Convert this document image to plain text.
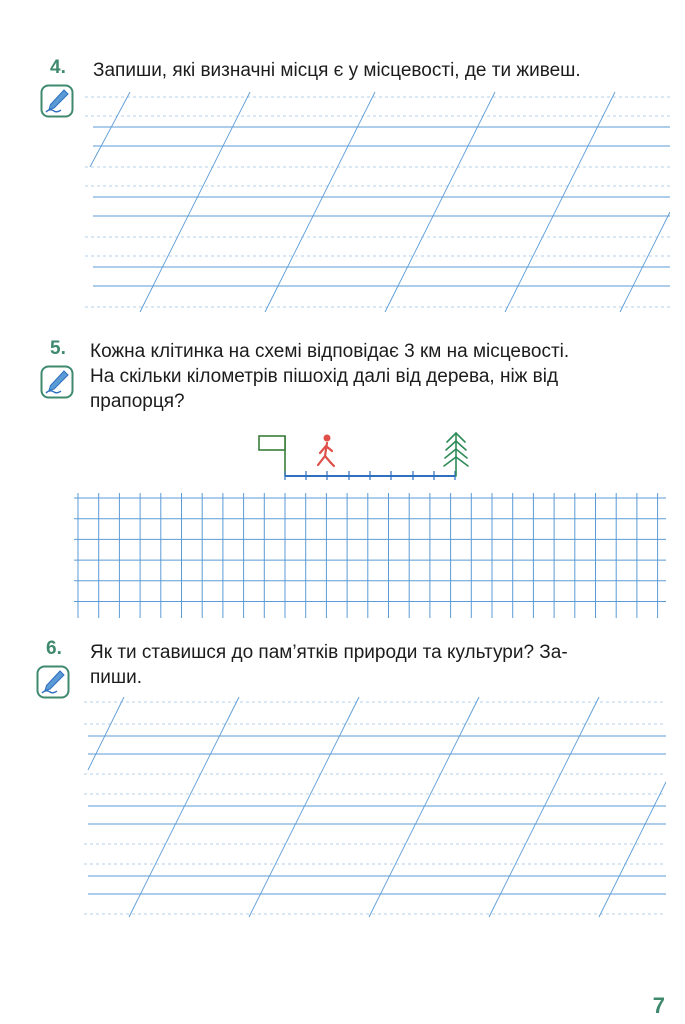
4. Запиши, які визначні місця є у місцевості, де ти живеш.
5. Кожна клітинка на схемі відповідає 3 км на місцевості.
На скільки кілометрів пішохід далі від дерева, ніж від
прапорця?
6. Як ти ставишся до пам’ятків природи та культури? За-
пиши.
7
